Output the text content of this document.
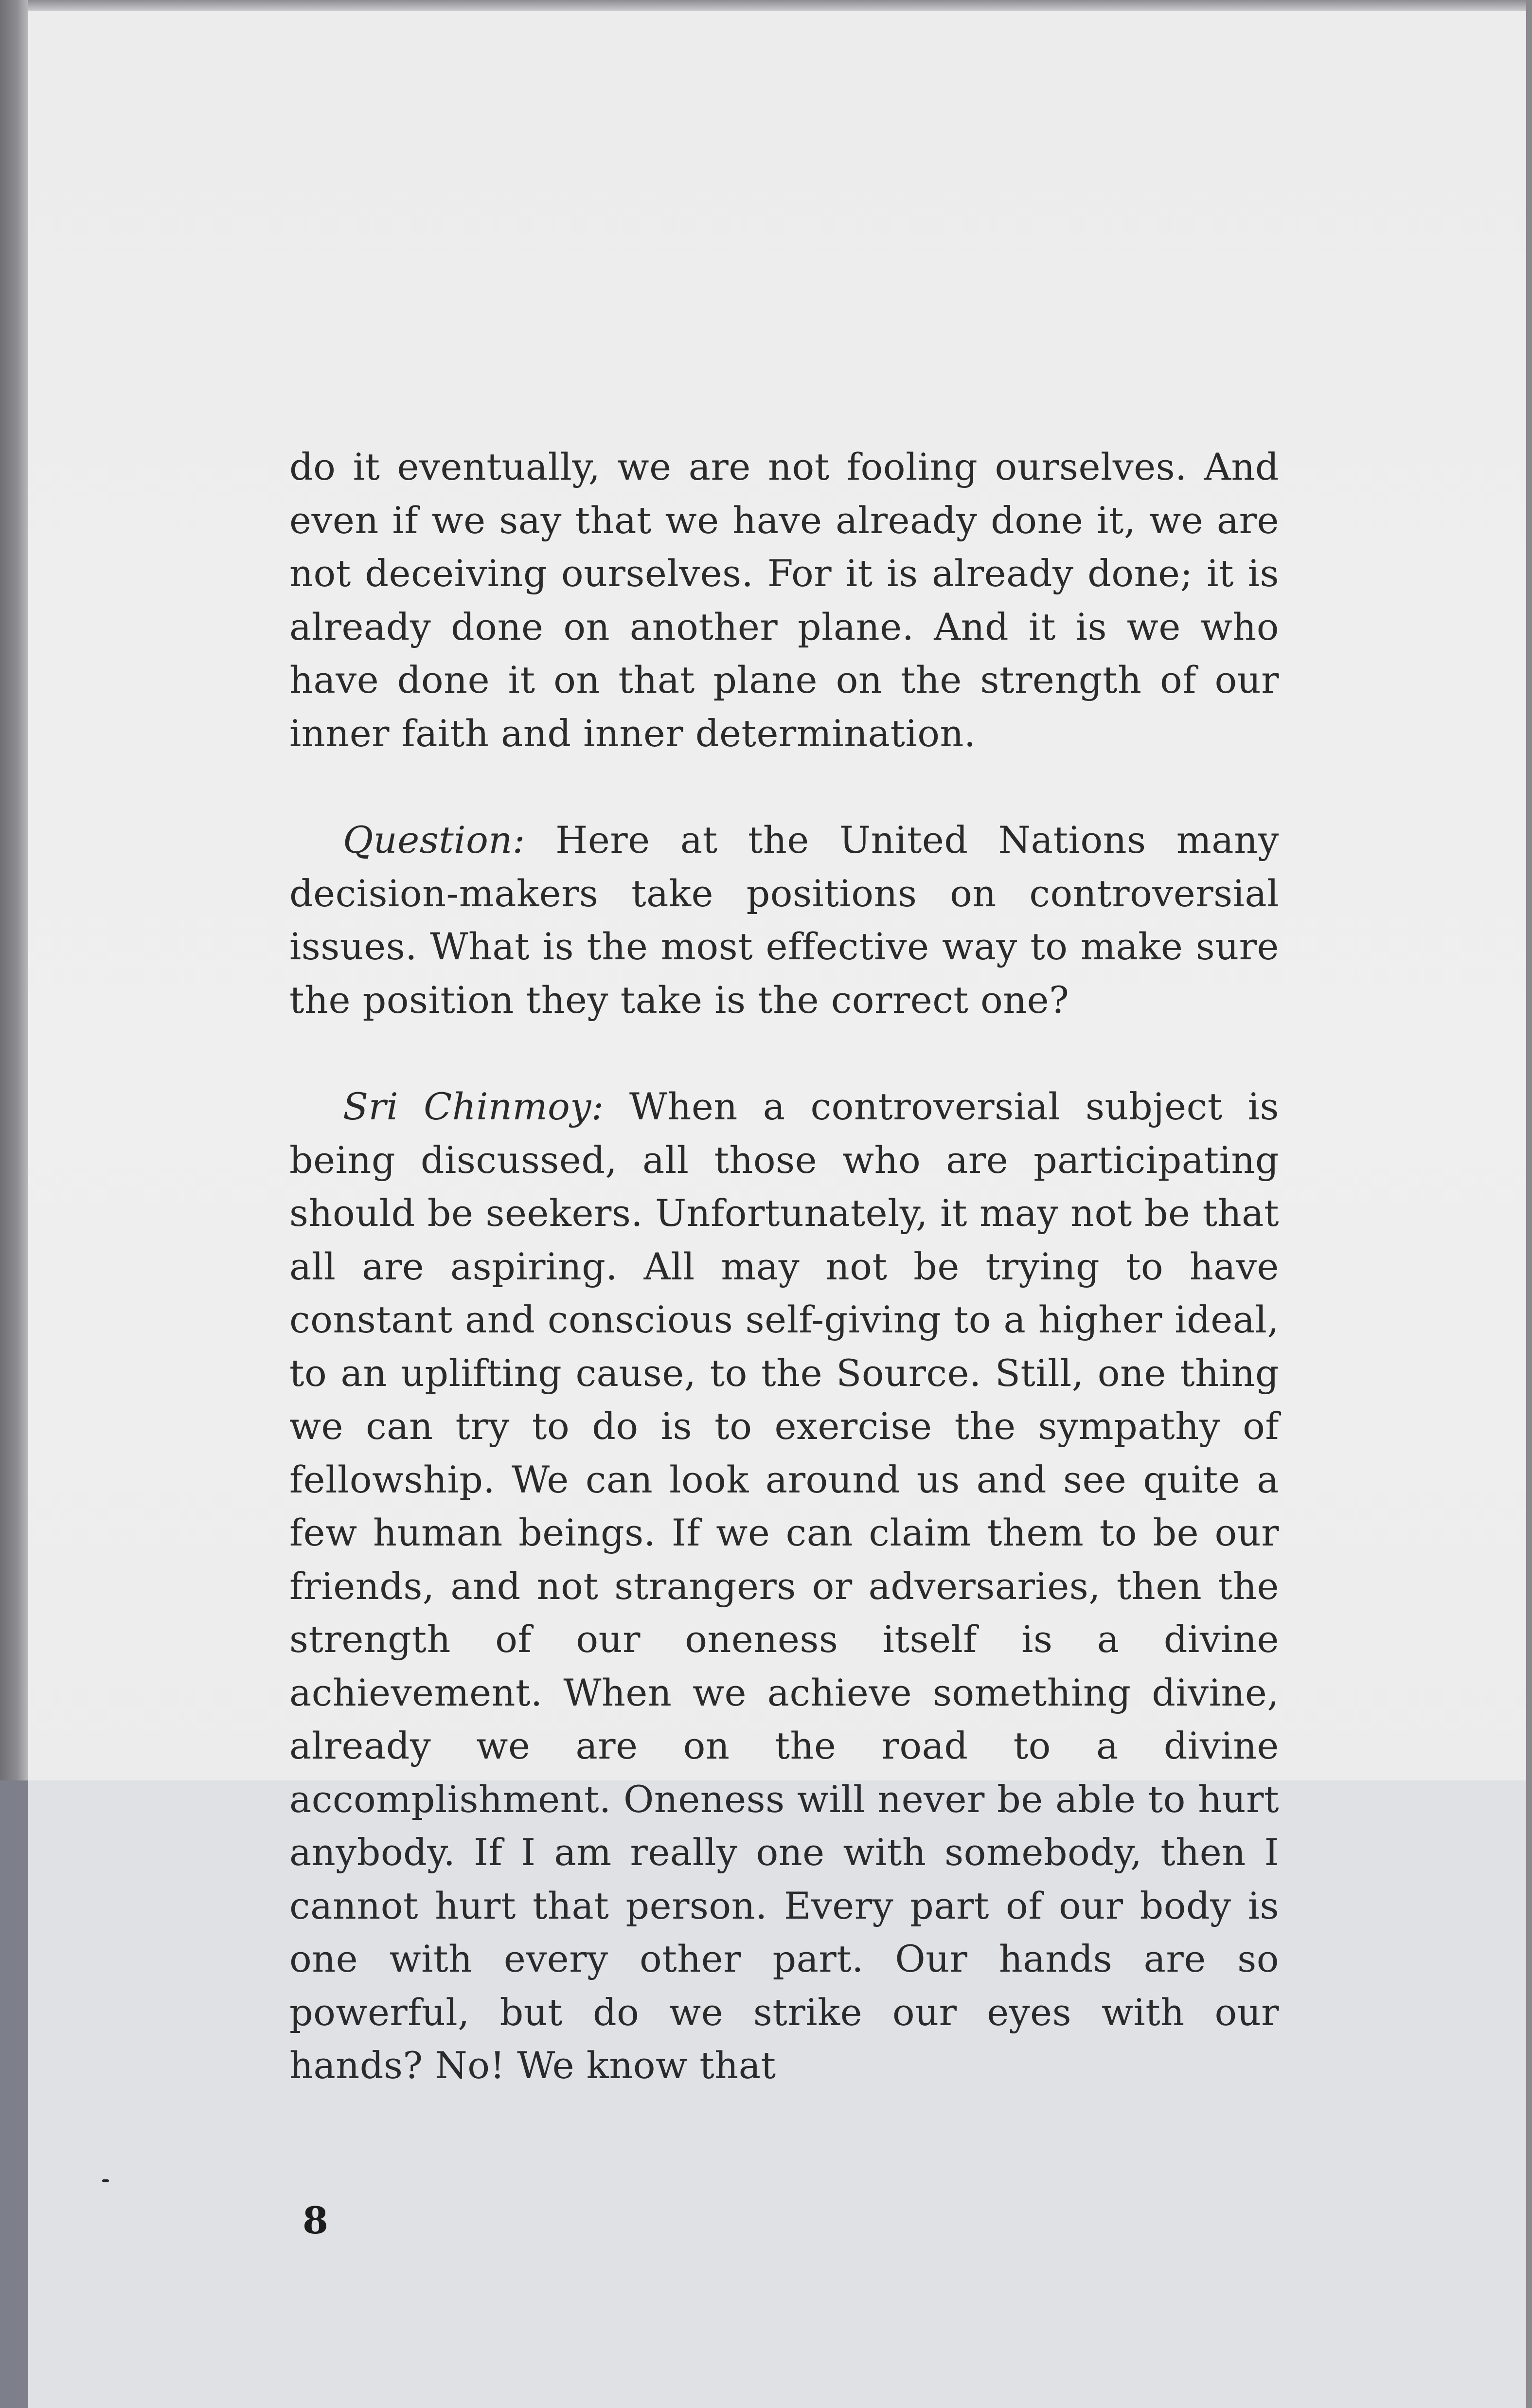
do it eventually, we are not fooling ourselves. And even if we say that we have already done it, we are not deceiving ourselves. For it is already done; it is already done on another plane. And it is we who have done it on that plane on the strength of our inner faith and inner determination.

Question: Here at the United Nations many decision-makers take positions on controversial issues. What is the most effective way to make sure the position they take is the correct one?

Sri Chinmoy: When a controversial subject is being discussed, all those who are participating should be seekers. Unfortunately, it may not be that all are aspiring. All may not be trying to have constant and conscious self-giving to a higher ideal, to an uplifting cause, to the Source. Still, one thing we can try to do is to exercise the sympathy of fellowship. We can look around us and see quite a few human beings. If we can claim them to be our friends, and not strangers or adversaries, then the strength of our oneness itself is a divine achievement. When we achieve something divine, already we are on the road to a divine accomplishment. Oneness will never be able to hurt anybody. If I am really one with somebody, then I cannot hurt that person. Every part of our body is one with every other part. Our hands are so powerful, but do we strike our eyes with our hands? No! We know that

8
